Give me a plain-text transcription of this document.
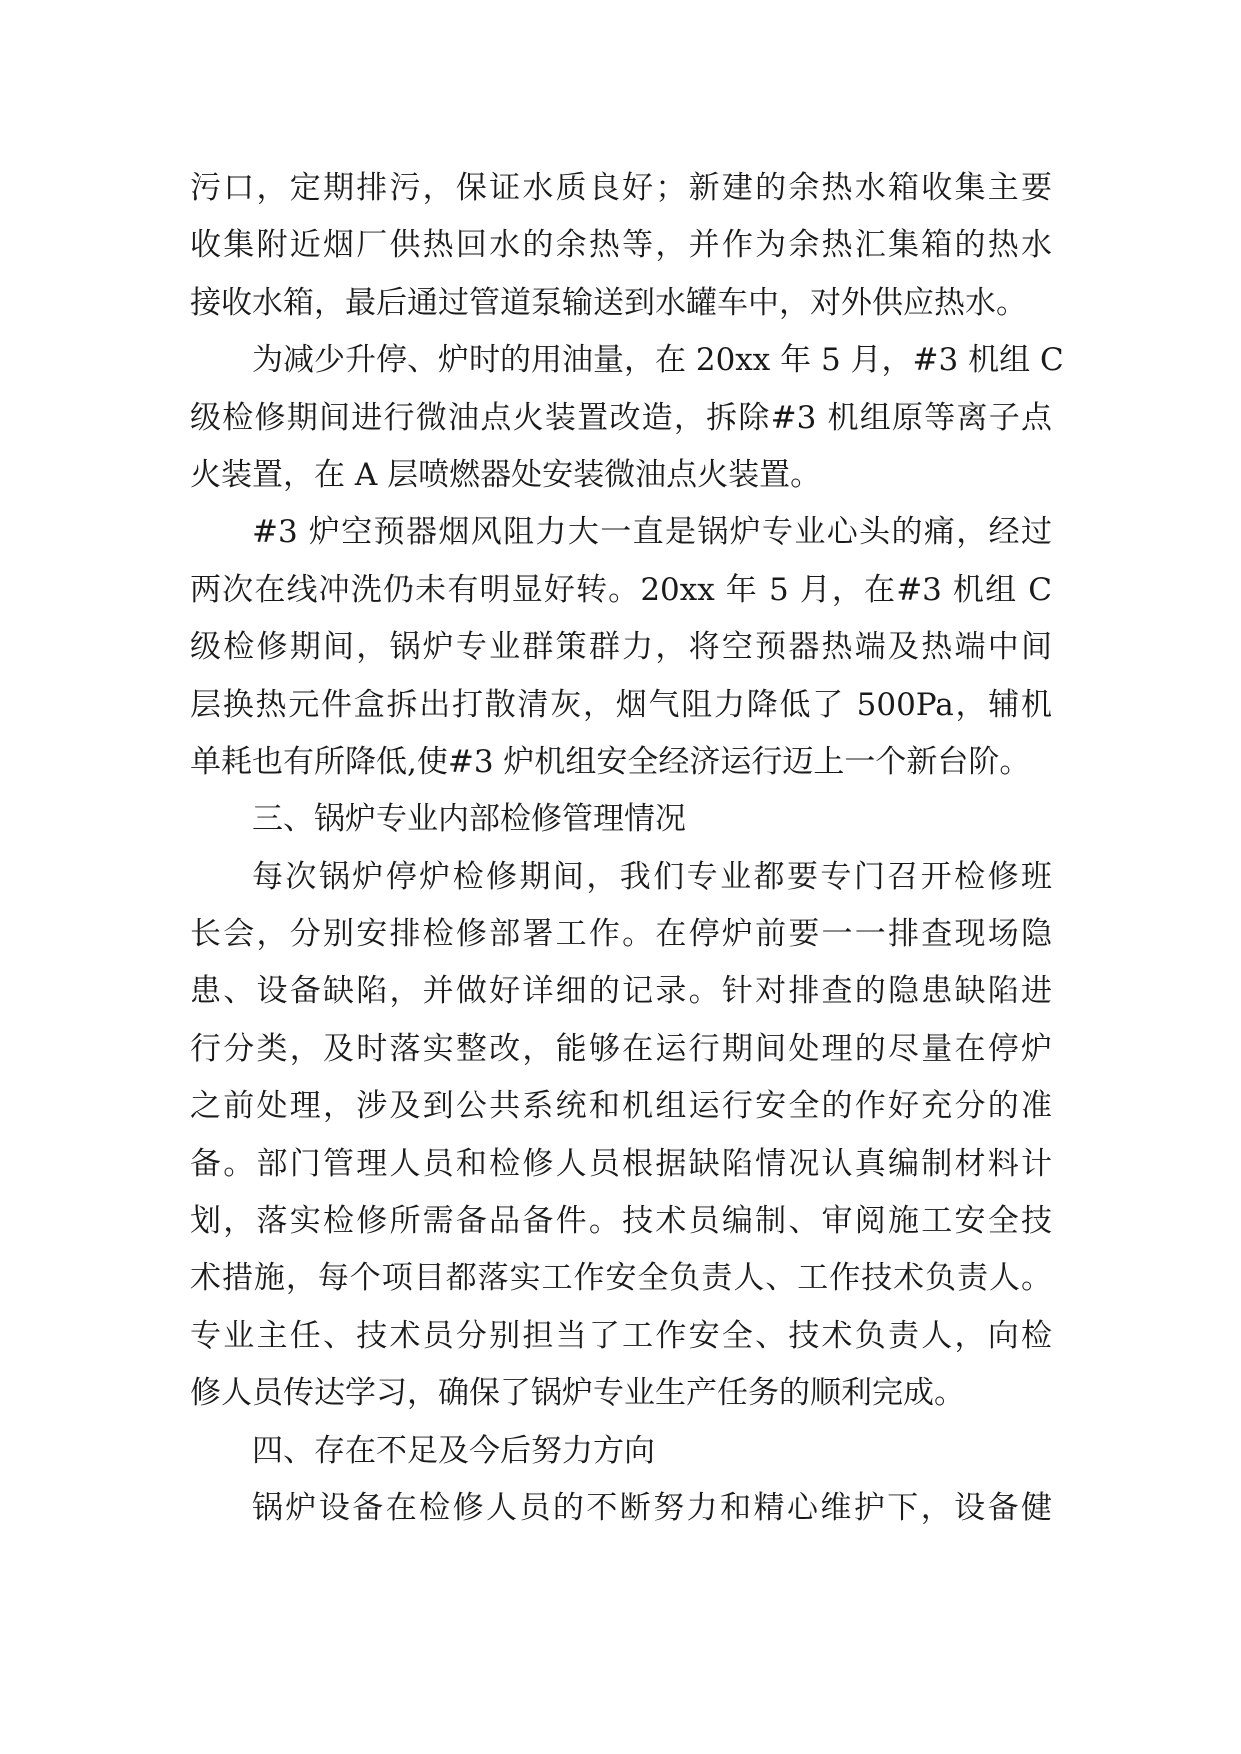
污口，定期排污，保证水质良好；新建的余热水箱收集主要
收集附近烟厂供热回水的余热等，并作为余热汇集箱的热水
接收水箱，最后通过管道泵输送到水罐车中，对外供应热水。
为减少升停、炉时的用油量，在 20xx 年 5 月，#3 机组 C
级检修期间进行微油点火装置改造，拆除#3 机组原等离子点
火装置，在 A 层喷燃器处安装微油点火装置。
#3 炉空预器烟风阻力大一直是锅炉专业心头的痛，经过
两次在线冲洗仍未有明显好转。20xx 年 5 月，在#3 机组 C
级检修期间，锅炉专业群策群力，将空预器热端及热端中间
层换热元件盒拆出打散清灰，烟气阻力降低了 500Pa，辅机
单耗也有所降低,使#3 炉机组安全经济运行迈上一个新台阶。
三、锅炉专业内部检修管理情况
每次锅炉停炉检修期间，我们专业都要专门召开检修班
长会，分别安排检修部署工作。在停炉前要一一排查现场隐
患、设备缺陷，并做好详细的记录。针对排查的隐患缺陷进
行分类，及时落实整改，能够在运行期间处理的尽量在停炉
之前处理，涉及到公共系统和机组运行安全的作好充分的准
备。部门管理人员和检修人员根据缺陷情况认真编制材料计
划，落实检修所需备品备件。技术员编制、审阅施工安全技
术措施，每个项目都落实工作安全负责人、工作技术负责人。
专业主任、技术员分别担当了工作安全、技术负责人，向检
修人员传达学习，确保了锅炉专业生产任务的顺利完成。
四、存在不足及今后努力方向
锅炉设备在检修人员的不断努力和精心维护下，设备健
